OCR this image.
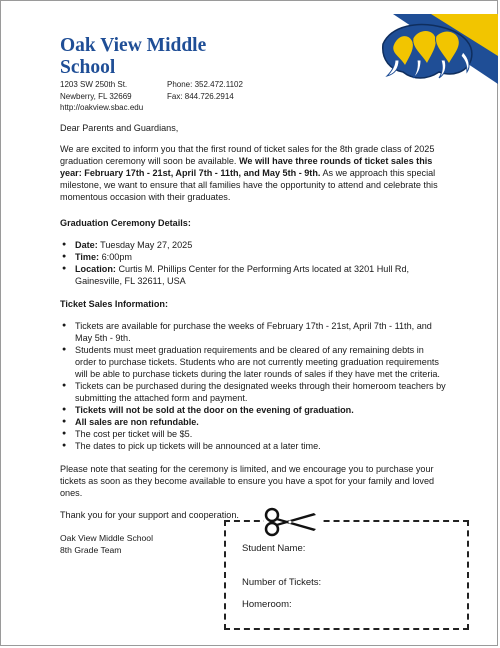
Oak View Middle School
1203 SW 250th St.
Newberry, FL 32669
http://oakview.sbac.edu
Phone: 352.472.1102
Fax: 844.726.2914

Dear Parents and Guardians,

We are excited to inform you that the first round of ticket sales for the 8th grade class of 2025 graduation ceremony will soon be available. We will have three rounds of ticket sales this year: February 17th - 21st, April 7th - 11th, and May 5th - 9th. As we approach this special milestone, we want to ensure that all families have the opportunity to attend and celebrate this momentous occasion with their graduates.

Graduation Ceremony Details:

● Date: Tuesday May 27, 2025
● Time: 6:00pm
● Location: Curtis M. Phillips Center for the Performing Arts located at 3201 Hull Rd, Gainesville, FL 32611, USA

Ticket Sales Information:

● Tickets are available for purchase the weeks of February 17th - 21st, April 7th - 11th, and May 5th - 9th.
● Students must meet graduation requirements and be cleared of any remaining debts in order to purchase tickets. Students who are not currently meeting graduation requirements will be able to purchase tickets during the later rounds of sales if they have met the criteria.
● Tickets can be purchased during the designated weeks through their homeroom teachers by submitting the attached form and payment.
● Tickets will not be sold at the door on the evening of graduation.
● All sales are non refundable.
● The cost per ticket will be $5.
● The dates to pick up tickets will be announced at a later time.

Please note that seating for the ceremony is limited, and we encourage you to purchase your tickets as soon as they become available to ensure you have a spot for your family and loved ones.

Thank you for your support and cooperation.

Oak View Middle School
8th Grade Team	Student Name:
Number of Tickets:
Homeroom:
